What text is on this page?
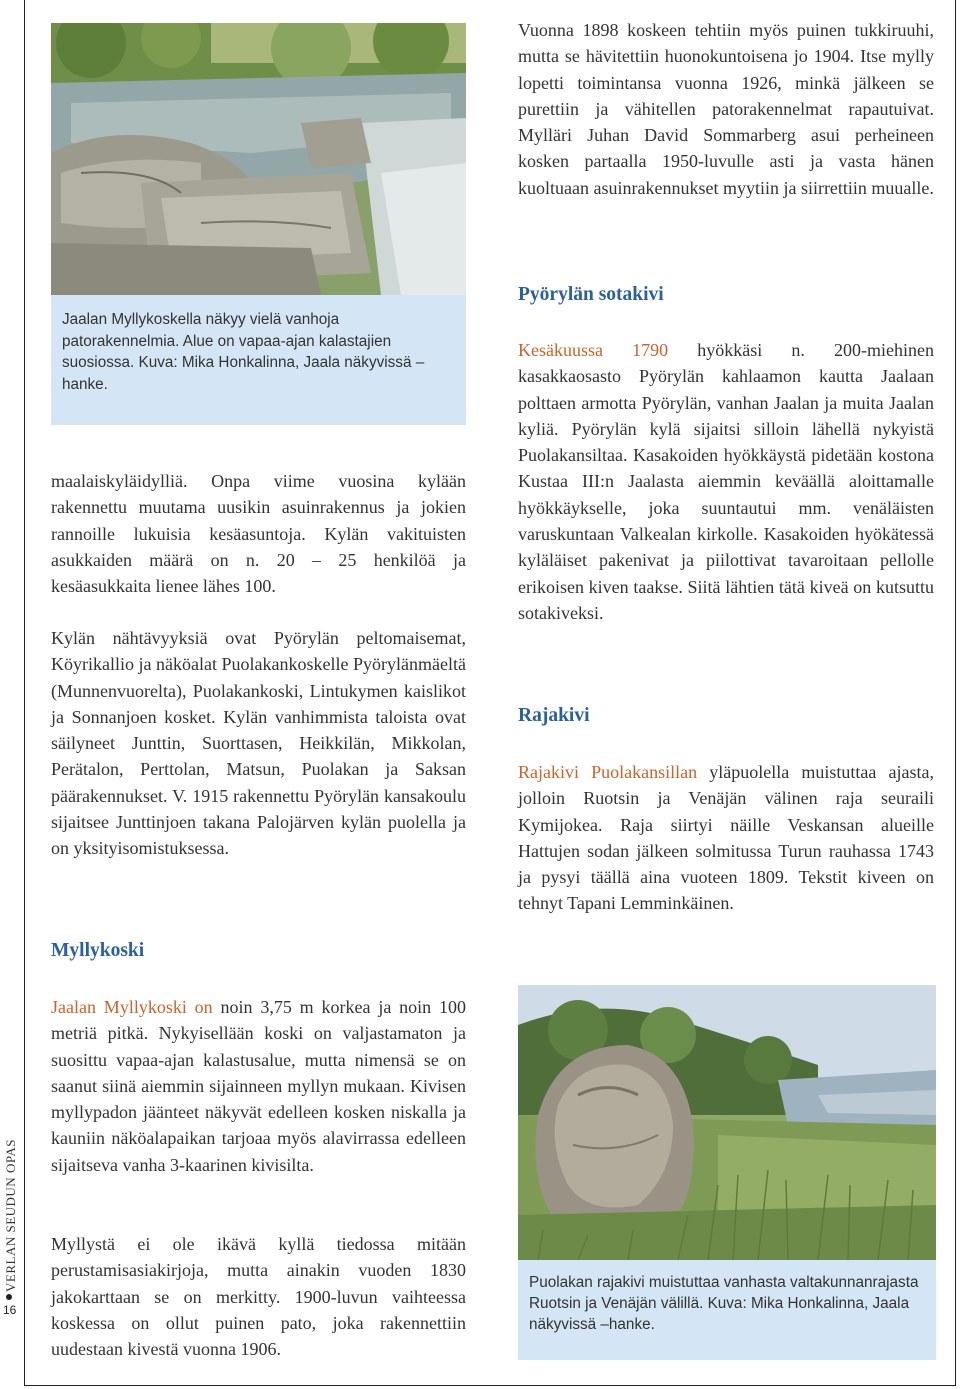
VERLAN SEUDUN OPAS
16
Jaalan Myllykoskella näkyy vielä vanhoja patorakennelmia. Alue on vapaa-ajan kalastajien suosiossa. Kuva: Mika Honkalinna, Jaala näkyvissä –hanke.

maalaiskyläidylliä. Onpa viime vuosina kylään rakennettu muutama uusikin asuinrakennus ja jokien rannoille lukuisia kesäasuntoja. Kylän vakituisten asukkaiden määrä on n. 20 – 25 henkilöä ja kesäasukkaita lienee lähes 100.

Kylän nähtävyyksiä ovat Pyörylän peltomaisemat, Köyrikallio ja näköalat Puolakankoskelle Pyörylänmäeltä (Munnenvuorelta), Puolakankoski, Lintukymen kaislikot ja Sonnanjoen kosket. Kylän vanhimmista taloista ovat säilyneet Junttin, Suorttasen, Heikkilän, Mikkolan, Perätalon, Perttolan, Matsun, Puolakan ja Saksan päärakennukset. V. 1915 rakennettu Pyörylän kansakoulu sijaitsee Junttinjoen takana Palojärven kylän puolella ja on yksityisomistuksessa.

Myllykoski

Jaalan Myllykoski on noin 3,75 m korkea ja noin 100 metriä pitkä. Nykyisellään koski on valjastamaton ja suosittu vapaa-ajan kalastusalue, mutta nimensä se on saanut siinä aiemmin sijainneen myllyn mukaan. Kivisen myllypadon jäänteet näkyvät edelleen kosken niskalla ja kauniin näköalapaikan tarjoaa myös alavirrassa edelleen sijaitseva vanha 3-kaarinen kivisilta.

Myllystä ei ole ikävä kyllä tiedossa mitään perustamisasiakirjoja, mutta ainakin vuoden 1830 jakokarttaan se on merkitty. 1900-luvun vaihteessa koskessa on ollut puinen pato, joka rakennettiin uudestaan kivestä vuonna 1906.

Vuonna 1898 koskeen tehtiin myös puinen tukkiruuhi, mutta se hävitettiin huonokuntoisena jo 1904. Itse mylly lopetti toimintansa vuonna 1926, minkä jälkeen se purettiin ja vähitellen patorakennelmat rapautuivat. Mylläri Juhan David Sommarberg asui perheineen kosken partaalla 1950-luvulle asti ja vasta hänen kuoltuaan asuinrakennukset myytiin ja siirrettiin muualle.

Pyörylän sotakivi

Kesäkuussa 1790 hyökkäsi n. 200-miehinen kasakkaosasto Pyörylän kahlaamon kautta Jaalaan polttaen armotta Pyörylän, vanhan Jaalan ja muita Jaalan kyliä. Pyörylän kylä sijaitsi silloin lähellä nykyistä Puolakansiltaa. Kasakoiden hyökkäystä pidetään kostona Kustaa III:n Jaalasta aiemmin keväällä aloittamalle hyökkäykselle, joka suuntautui mm. venäläisten varuskuntaan Valkealan kirkolle. Kasakoiden hyökätessä kyläläiset pakenivat ja piilottivat tavaroitaan pellolle erikoisen kiven taakse. Siitä lähtien tätä kiveä on kutsuttu sotakiveksi.

Rajakivi

Rajakivi Puolakansillan yläpuolella muistuttaa ajasta, jolloin Ruotsin ja Venäjän välinen raja seuraili Kymijokea. Raja siirtyi näille Veskansan alueille Hattujen sodan jälkeen solmitussa Turun rauhassa 1743 ja pysyi täällä aina vuoteen 1809. Tekstit kiveen on tehnyt Tapani Lemminkäinen.

Puolakan rajakivi muistuttaa vanhasta valtakunnanrajasta Ruotsin ja Venäjän välillä. Kuva: Mika Honkalinna, Jaala näkyvissä –hanke.
